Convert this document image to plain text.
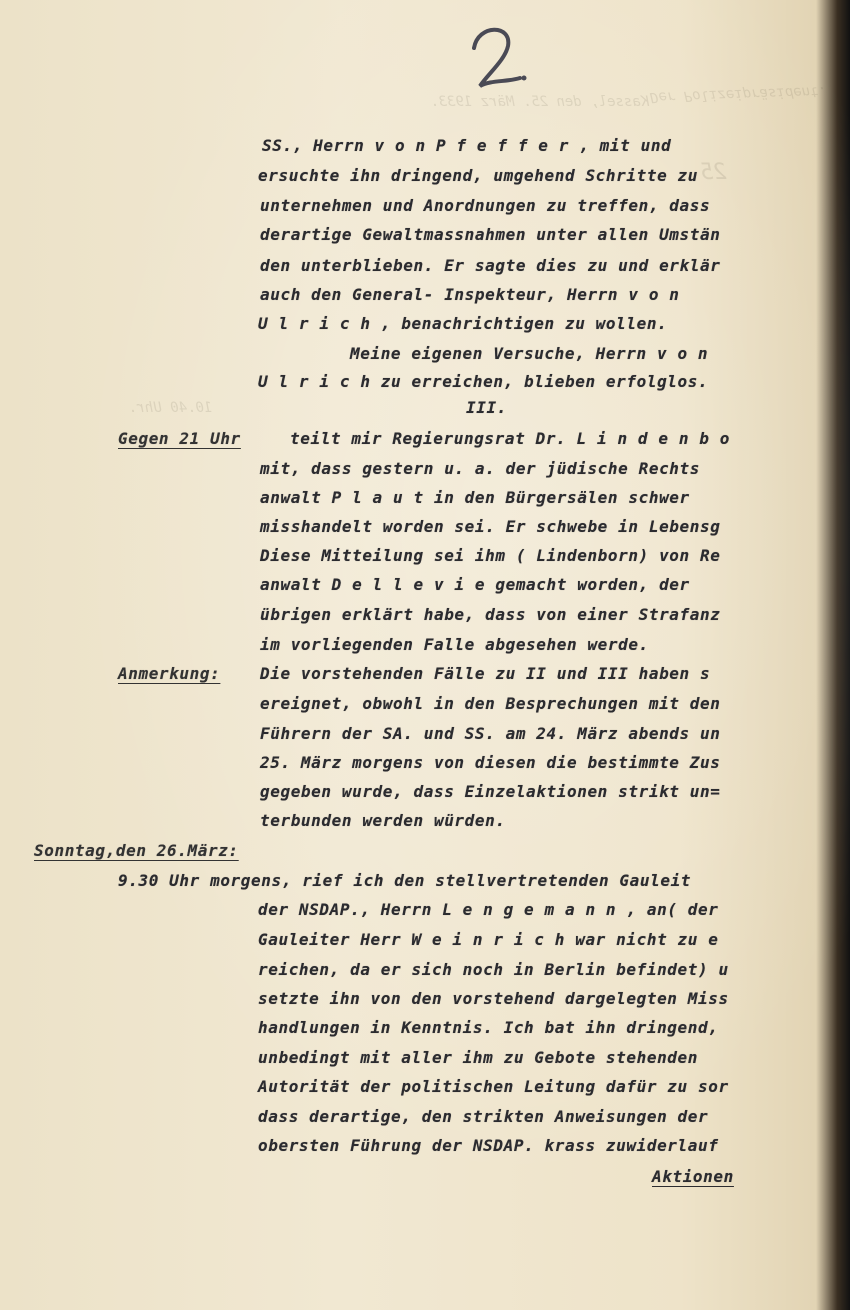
Der Polizeipräsident.
Kassel, den 25. März 1933.
25
10.40 Uhr.
SS., Herrn v o n P f e f f e r , mit und
ersuchte ihn dringend, umgehend Schritte zu
unternehmen und Anordnungen zu treffen, dass
derartige Gewaltmassnahmen unter allen Umstän
den unterblieben. Er sagte dies zu und erklär
auch den General- Inspekteur, Herrn v o n
U l r i c h , benachrichtigen zu wollen.
Meine eigenen Versuche, Herrn v o n
U l r i c h zu erreichen, blieben erfolglos.
III.
Gegen 21 Uhr	teilt mir Regierungsrat Dr. L i n d e n b o
mit, dass gestern u. a. der jüdische Rechts
anwalt P l a u t in den Bürgersälen schwer
misshandelt worden sei. Er schwebe in Lebensg
Diese Mitteilung sei ihm ( Lindenborn) von Re
anwalt D e l l e v i e gemacht worden, der
übrigen erklärt habe, dass von einer Strafanz
im vorliegenden Falle abgesehen werde.
Anmerkung: Die vorstehenden Fälle zu II und III haben s
ereignet, obwohl in den Besprechungen mit den
Führern der SA. und SS. am 24. März abends un
25. März morgens von diesen die bestimmte Zus
gegeben wurde, dass Einzelaktionen strikt un=
terbunden werden würden.
Sonntag,den 26.März:
9.30 Uhr morgens, rief ich den stellvertretenden Gauleit
der NSDAP., Herrn L e n g e m a n n , an( der
Gauleiter Herr W e i n r i c h war nicht zu e
reichen, da er sich noch in Berlin befindet) u
setzte ihn von den vorstehend dargelegten Miss
handlungen in Kenntnis. Ich bat ihn dringend,
unbedingt mit aller ihm zu Gebote stehenden
Autorität der politischen Leitung dafür zu sor
dass derartige, den strikten Anweisungen der
obersten Führung der NSDAP. krass zuwiderlauf
Aktionen
